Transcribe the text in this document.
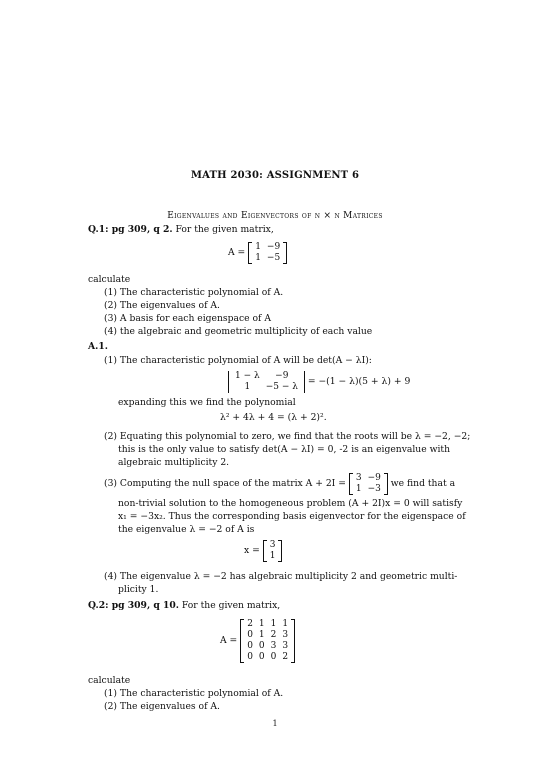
MATH 2030: ASSIGNMENT 6
Eigenvalues and Eigenvectors of n × n Matrices
Q.1: pg 309, q 2. For the given matrix,
A = 1	−9
1	−5
calculate
(1) The characteristic polynomial of A.
(2) The eigenvalues of A.
(3) A basis for each eigenspace of A
(4) the algebraic and geometric multiplicity of each value
A.1.
(1) The characteristic polynomial of A will be det(A − λI):
1 − λ	−9
1	−5 − λ = −(1 − λ)(5 + λ) + 9
expanding this we find the polynomial
λ² + 4λ + 4 = (λ + 2)².
(2) Equating this polynomial to zero, we find that the roots will be λ = −2, −2;
this is the only value to satisfy det(A − λI) = 0, -2 is an eigenvalue with
algebraic multiplicity 2.
(3) Computing the null space of the matrix A + 2I = 3	−9
1	−3 we find that a
non-trivial solution to the homogeneous problem (A + 2I)x = 0 will satisfy
x₁ = −3x₂. Thus the corresponding basis eigenvector for the eigenspace of
the eigenvalue λ = −2 of A is
x = 3
1
(4) The eigenvalue λ = −2 has algebraic multiplicity 2 and geometric multi-
plicity 1.
Q.2: pg 309, q 10. For the given matrix,
A =
2	1	1	1
0	1	2	3
0	0	3	3
0	0	0	2
calculate
(1) The characteristic polynomial of A.
(2) The eigenvalues of A.
1
